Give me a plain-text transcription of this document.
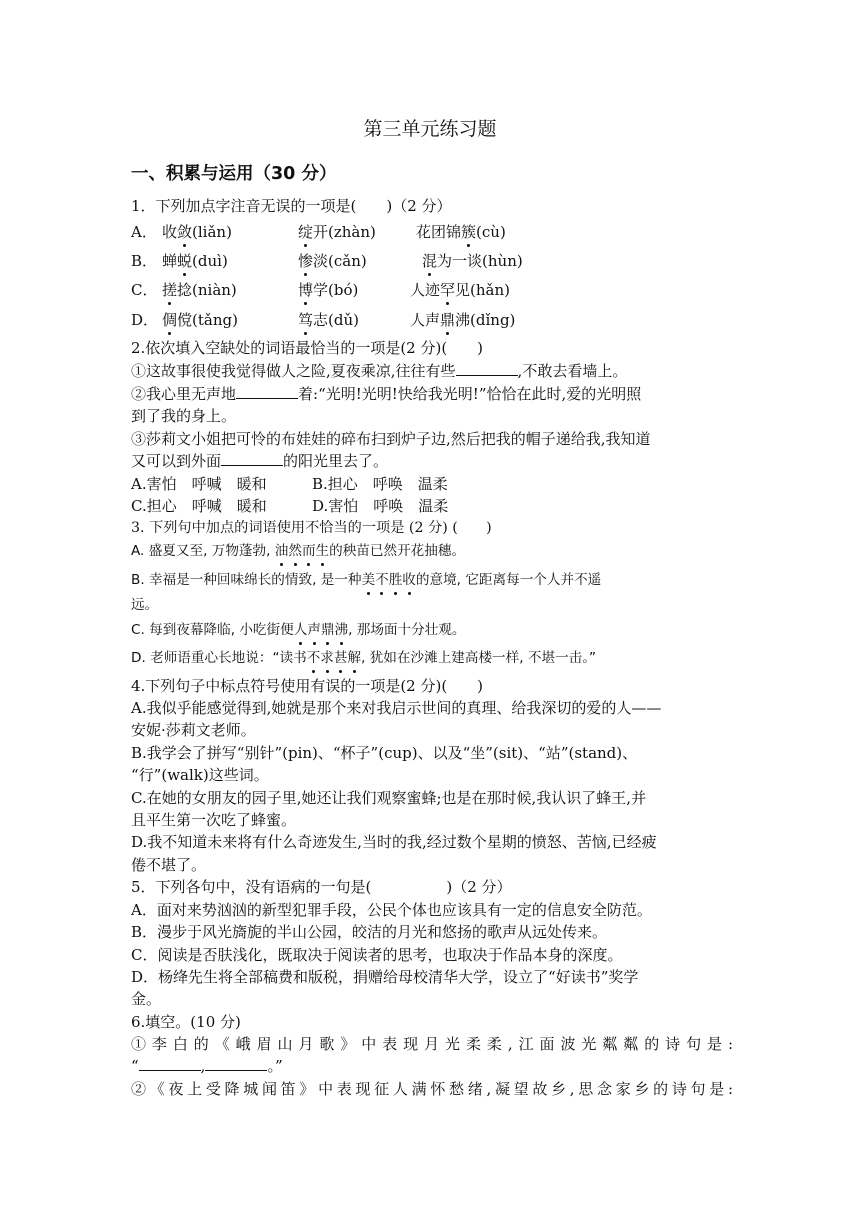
第三单元练习题
一、积累与运用（30 分）
1．下列加点字注音无误的一项是(　　)（2 分）
A． 收敛(liǎn)	绽开(zhàn)	花团锦簇(cù)
B． 蝉蜕(duì)	惨淡(cǎn)	混为一谈(hùn)
C． 搓捻(niàn)	博学(bó)	人迹罕见(hǎn)
D． 倜傥(tǎng)	笃志(dǔ)	人声鼎沸(dǐng)
2.依次填入空缺处的词语最恰当的一项是(2 分)(　　)
①这故事很使我觉得做人之险,夏夜乘凉,往往有些	,不敢去看墙上。
②我心里无声地	着:“光明!光明!快给我光明!”恰恰在此时,爱的光明照
到了我的身上。
③莎莉文小姐把可怜的布娃娃的碎布扫到炉子边,然后把我的帽子递给我,我知道
又可以到外面	的阳光里去了。
A.害怕　呼喊　暖和	B.担心　呼唤　温柔
C.担心　呼喊　暖和	D.害怕　呼唤　温柔
3. 下列句中加点的词语使用不恰当的一项是 (2 分) (　　)
A. 盛夏又至, 万物蓬勃, 油然而生的秧苗已然开花抽穗。
B. 幸福是一种回味绵长的情致, 是一种美不胜收的意境, 它距离每一个人并不遥
远。
C. 每到夜幕降临, 小吃街便人声鼎沸, 那场面十分壮观。
D. 老师语重心长地说：“读书不求甚解, 犹如在沙滩上建高楼一样, 不堪一击。”
4.下列句子中标点符号使用有误的一项是(2 分)(　　)
A.我似乎能感觉得到,她就是那个来对我启示世间的真理、给我深切的爱的人——
安妮·莎莉文老师。
B.我学会了拼写“别针”(pin)、“杯子”(cup)、以及“坐”(sit)、“站”(stand)、
“行”(walk)这些词。
C.在她的女朋友的园子里,她还让我们观察蜜蜂;也是在那时候,我认识了蜂王,并
且平生第一次吃了蜂蜜。
D.我不知道未来将有什么奇迹发生,当时的我,经过数个星期的愤怒、苦恼,已经疲
倦不堪了。
5．下列各句中，没有语病的一句是(　　　　　)（2 分）
A．面对来势汹汹的新型犯罪手段，公民个体也应该具有一定的信息安全防范。
B．漫步于风光旖旎的半山公园，皎洁的月光和悠扬的歌声从远处传来。
C．阅读是否肤浅化，既取决于阅读者的思考，也取决于作品本身的深度。
D．杨绛先生将全部稿费和版税，捐赠给母校清华大学，设立了“好读书”奖学
金。
6.填空。(10 分)
①李白的《峨眉山月歌》中表现月光柔柔,江面波光粼粼的诗句是:
“	,	。”
②《夜上受降城闻笛》中表现征人满怀愁绪,凝望故乡,思念家乡的诗句是:
